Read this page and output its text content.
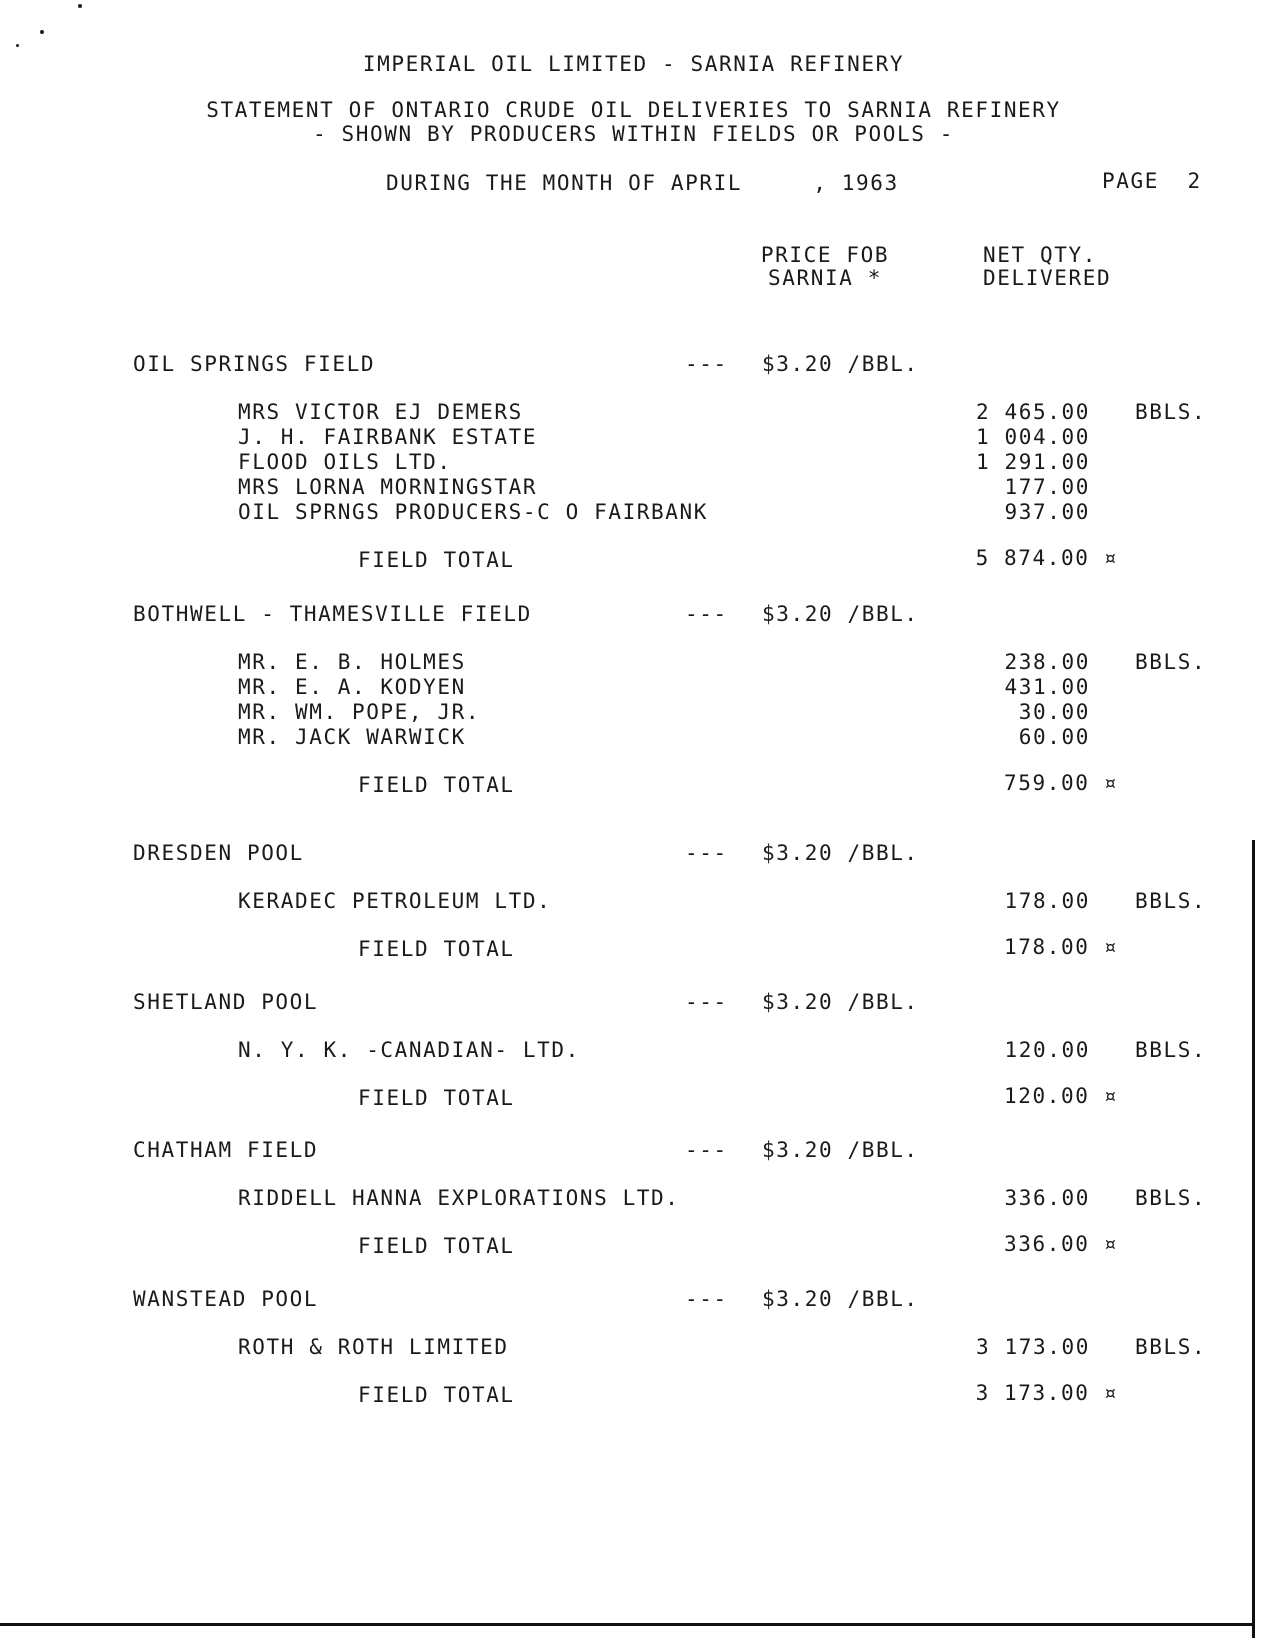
IMPERIAL OIL LIMITED - SARNIA REFINERY
STATEMENT OF ONTARIO CRUDE OIL DELIVERIES TO SARNIA REFINERY
- SHOWN BY PRODUCERS WITHIN FIELDS OR POOLS -
DURING THE MONTH OF APRIL     , 1963	PAGE  2
PRICE FOB
SARNIA *
NET QTY.
DELIVERED
OIL SPRINGS FIELD	--- $3.20 /BBL.
MRS VICTOR EJ DEMERS	2 465.00 BBLS.
J. H. FAIRBANK ESTATE	1 004.00
FLOOD OILS LTD.	1 291.00
MRS LORNA MORNINGSTAR	177.00
OIL SPRNGS PRODUCERS-C O FAIRBANK	937.00
FIELD TOTAL	5 874.00 ¤
BOTHWELL - THAMESVILLE FIELD	--- $3.20 /BBL.
MR. E. B. HOLMES	238.00 BBLS.
MR. E. A. KODYEN	431.00
MR. WM. POPE, JR.	30.00
MR. JACK WARWICK	60.00
FIELD TOTAL	759.00 ¤
DRESDEN POOL	--- $3.20 /BBL.
KERADEC PETROLEUM LTD.	178.00 BBLS.
FIELD TOTAL	178.00 ¤
SHETLAND POOL	--- $3.20 /BBL.
N. Y. K. -CANADIAN- LTD.	120.00 BBLS.
FIELD TOTAL	120.00 ¤
CHATHAM FIELD	--- $3.20 /BBL.
RIDDELL HANNA EXPLORATIONS LTD.	336.00 BBLS.
FIELD TOTAL	336.00 ¤
WANSTEAD POOL	--- $3.20 /BBL.
ROTH & ROTH LIMITED	3 173.00 BBLS.
FIELD TOTAL	3 173.00 ¤
